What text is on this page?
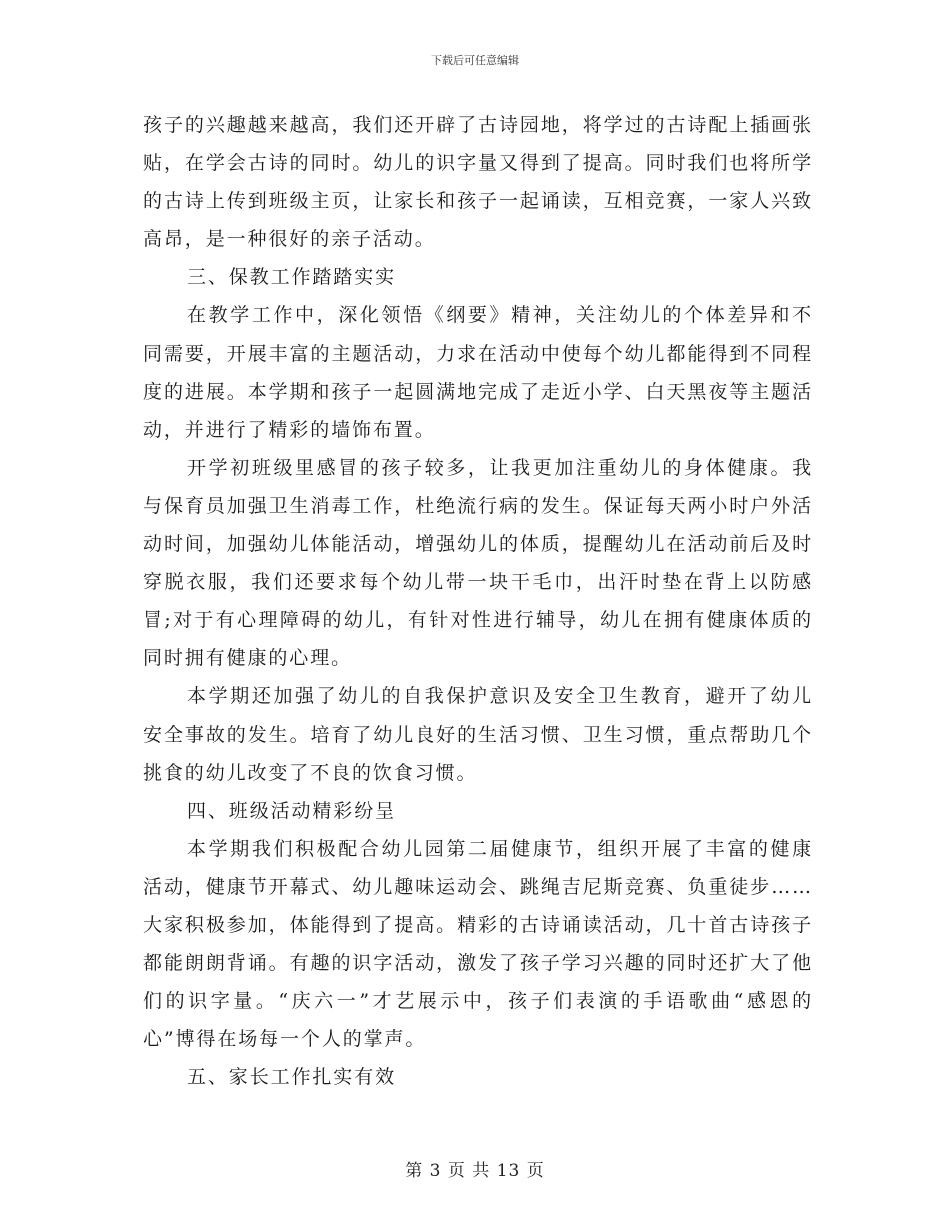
下载后可任意编辑

孩子的兴趣越来越高，我们还开辟了古诗园地，将学过的古诗配上插画张贴，在学会古诗的同时。幼儿的识字量又得到了提高。同时我们也将所学的古诗上传到班级主页，让家长和孩子一起诵读，互相竞赛，一家人兴致高昂，是一种很好的亲子活动。

三、保教工作踏踏实实

在教学工作中，深化领悟《纲要》精神，关注幼儿的个体差异和不同需要，开展丰富的主题活动，力求在活动中使每个幼儿都能得到不同程度的进展。本学期和孩子一起圆满地完成了走近小学、白天黑夜等主题活动，并进行了精彩的墙饰布置。

开学初班级里感冒的孩子较多，让我更加注重幼儿的身体健康。我与保育员加强卫生消毒工作，杜绝流行病的发生。保证每天两小时户外活动时间，加强幼儿体能活动，增强幼儿的体质，提醒幼儿在活动前后及时穿脱衣服，我们还要求每个幼儿带一块干毛巾，出汗时垫在背上以防感冒;对于有心理障碍的幼儿，有针对性进行辅导，幼儿在拥有健康体质的同时拥有健康的心理。

本学期还加强了幼儿的自我保护意识及安全卫生教育，避开了幼儿安全事故的发生。培育了幼儿良好的生活习惯、卫生习惯，重点帮助几个挑食的幼儿改变了不良的饮食习惯。

四、班级活动精彩纷呈

本学期我们积极配合幼儿园第二届健康节，组织开展了丰富的健康活动，健康节开幕式、幼儿趣味运动会、跳绳吉尼斯竞赛、负重徒步……大家积极参加，体能得到了提高。精彩的古诗诵读活动，几十首古诗孩子都能朗朗背诵。有趣的识字活动，激发了孩子学习兴趣的同时还扩大了他们的识字量。“庆六一”才艺展示中，孩子们表演的手语歌曲“感恩的心”博得在场每一个人的掌声。

五、家长工作扎实有效
第 3 页 共 13 页
